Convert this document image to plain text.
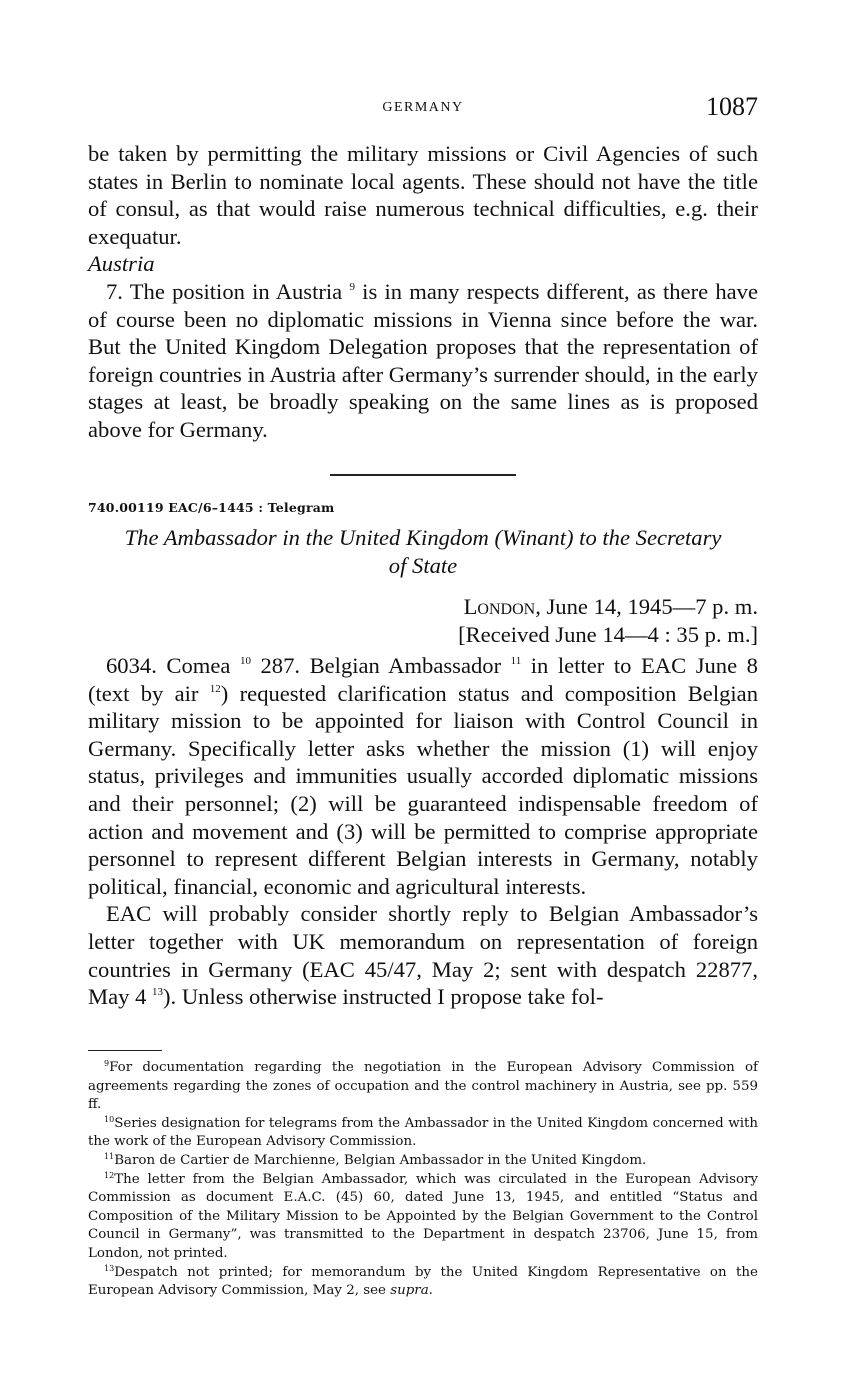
GERMANY	1087

be taken by permitting the military missions or Civil Agencies of such states in Berlin to nominate local agents. These should not have the title of consul, as that would raise numerous technical difficulties, e.g. their exequatur.

Austria

7. The position in Austria $^9$ is in many respects different, as there have of course been no diplomatic missions in Vienna since before the war. But the United Kingdom Delegation proposes that the representation of foreign countries in Austria after Germany’s surrender should, in the early stages at least, be broadly speaking on the same lines as is proposed above for Germany.

740.00119 EAC/6–1445 : Telegram
The Ambassador in the United Kingdom (Winant) to the Secretary
of State
London, June 14, 1945—7 p. m.
[Received June 14—4 : 35 p. m.]

6034. Comea $^{10}$ 287. Belgian Ambassador $^{11}$ in letter to EAC June 8 (text by air $^{12}$) requested clarification status and composition Belgian military mission to be appointed for liaison with Control Council in Germany. Specifically letter asks whether the mission (1) will enjoy status, privileges and immunities usually accorded diplomatic missions and their personnel; (2) will be guaranteed indispensable freedom of action and movement and (3) will be permitted to comprise appropriate personnel to represent different Belgian interests in Germany, notably political, financial, economic and agricultural interests.

EAC will probably consider shortly reply to Belgian Ambassador’s letter together with UK memorandum on representation of foreign countries in Germany (EAC 45/47, May 2; sent with despatch 22877, May 4 $^{13}$). Unless otherwise instructed I propose take fol-

$^9$For documentation regarding the negotiation in the European Advisory Commission of agreements regarding the zones of occupation and the control machinery in Austria, see pp. 559 ff.

$^{10}$Series designation for telegrams from the Ambassador in the United Kingdom concerned with the work of the European Advisory Commission.

$^{11}$Baron de Cartier de Marchienne, Belgian Ambassador in the United Kingdom.

$^{12}$The letter from the Belgian Ambassador, which was circulated in the European Advisory Commission as document E.A.C. (45) 60, dated June 13, 1945, and entitled “Status and Composition of the Military Mission to be Appointed by the Belgian Government to the Control Council in Germany”, was transmitted to the Department in despatch 23706, June 15, from London, not printed.

$^{13}$Despatch not printed; for memorandum by the United Kingdom Representative on the European Advisory Commission, May 2, see supra.
